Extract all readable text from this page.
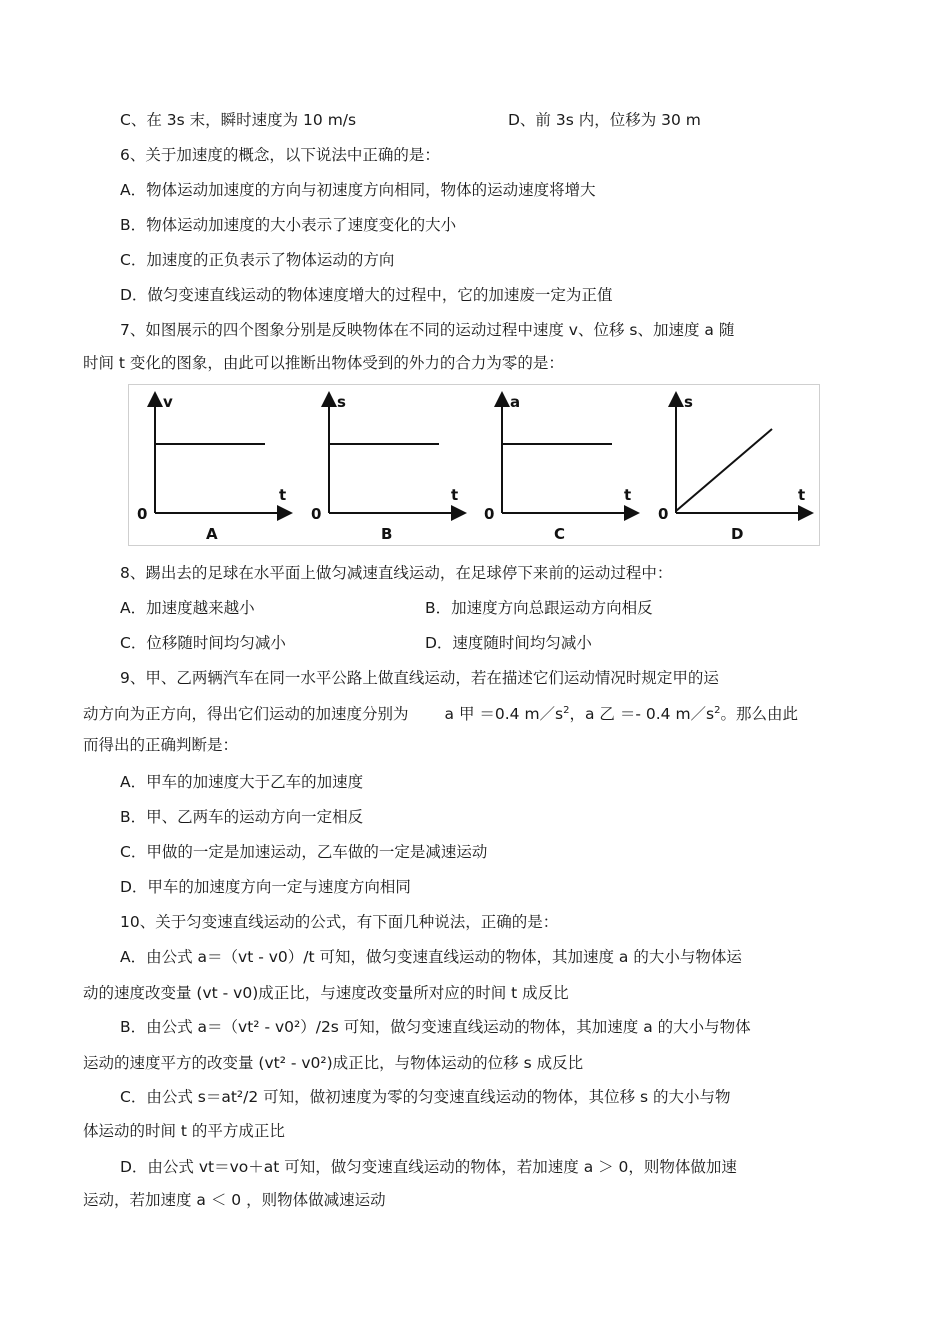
C、在 3s 末，瞬时速度为 10 m/s	D、前 3s 内，位移为 30 m
6、关于加速度的概念，以下说法中正确的是：
A．物体运动加速度的方向与初速度方向相同，物体的运动速度将增大
B．物体运动加速度的大小表示了速度变化的大小
C．加速度的正负表示了物体运动的方向
D．做匀变速直线运动的物体速度增大的过程中，它的加速废一定为正值
7、如图展示的四个图象分别是反映物体在不同的运动过程中速度 v、位移 s、加速度 a 随
时间 t 变化的图象，由此可以推断出物体受到的外力的合力为零的是：
v
t
0
A
s
t
0
B
a
t
0
C
s
t
0
D
8、踢出去的足球在水平面上做匀减速直线运动，在足球停下来前的运动过程中：
A．加速度越来越小	B．加速度方向总跟运动方向相反
C．位移随时间均匀减小	D．速度随时间均匀减小
9、甲、乙两辆汽车在同一水平公路上做直线运动，若在描述它们运动情况时规定甲的运
动方向为正方向，得出它们运动的加速度分别为 a 甲 ＝0.4 $m/s^2$，a 乙 ＝- 0.4 $m/s^2$。那么由此
而得出的正确判断是：
A．甲车的加速度大于乙车的加速度
B．甲、乙两车的运动方向一定相反
C．甲做的一定是加速运动，乙车做的一定是减速运动
D．甲车的加速度方向一定与速度方向相同
10、关于匀变速直线运动的公式，有下面几种说法，正确的是：
A．由公式 a＝（vt - v0）/t 可知，做匀变速直线运动的物体，其加速度 a 的大小与物体运
动的速度改变量 (vt - v0)成正比，与速度改变量所对应的时间 t 成反比
B．由公式 a＝（vt² - v0²）/2s 可知，做匀变速直线运动的物体，其加速度 a 的大小与物体
运动的速度平方的改变量 (vt² - v0²)成正比，与物体运动的位移 s 成反比
C．由公式 s＝at²/2 可知，做初速度为零的匀变速直线运动的物体，其位移 s 的大小与物
体运动的时间 t 的平方成正比
D．由公式 vt＝vo＋at 可知，做匀变速直线运动的物体，若加速度 a ＞ 0，则物体做加速
运动，若加速度 a ＜ 0 ，则物体做减速运动
